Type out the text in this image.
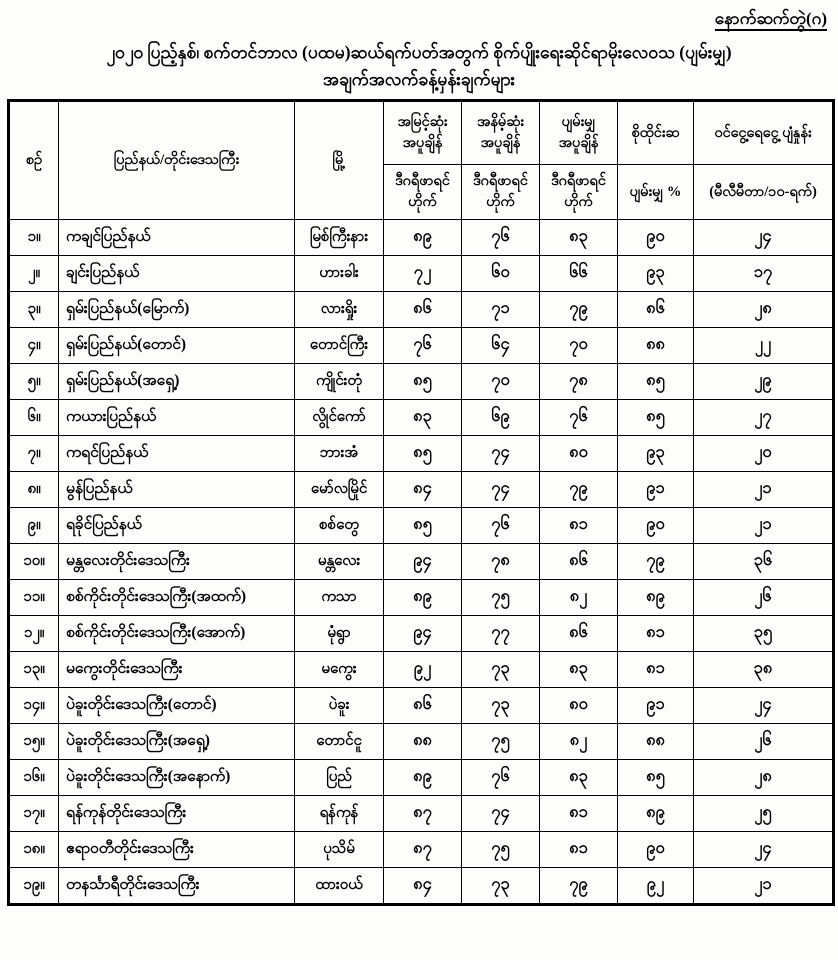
နောက်ဆက်တွဲ(ဂ)
၂၀၂၀ ပြည့်နှစ်၊ စက်တင်ဘာလ (ပထမ)ဆယ်ရက်ပတ်အတွက် စိုက်ပျိုးရေးဆိုင်ရာမိုးလေဝသ (ပျမ်းမျှ)
အချက်အလက်ခန့်မှန်းချက်များ
စဉ်	ပြည်နယ်/တိုင်းဒေသကြီး	မြို့	အမြင့်ဆုံး အပူချိန်	အနိမ့်ဆုံး အပူချိန်	ပျမ်းမျှ အပူချိန်	စိုထိုင်းဆ	ဝင်ငွေ့ရေငွေ့ ပျံနှုန်း
			ဒီဂရီဖာရင် ဟိုက်	ဒီဂရီဖာရင် ဟိုက်	ဒီဂရီဖာရင် ဟိုက်	ပျမ်းမျှ %	(မီလီမီတာ/၁၀-ရက်)
၁။	ကချင်ပြည်နယ်	မြစ်ကြီးနား	၈၉	၇၆	၈၃	၉၀	၂၄
၂။	ချင်းပြည်နယ်	ဟားခါး	၇၂	၆၀	၆၆	၉၃	၁၇
၃။	ရှမ်းပြည်နယ်(မြောက်)	လားရှိုး	၈၆	၇၁	၇၉	၈၆	၂၈
၄။	ရှမ်းပြည်နယ်(တောင်)	တောင်ကြီး	၇၆	၆၄	၇၀	၈၈	၂၂
၅။	ရှမ်းပြည်နယ်(အရှေ့)	ကျိုင်းတုံ	၈၅	၇၀	၇၈	၈၅	၂၉
၆။	ကယားပြည်နယ်	လွိုင်ကော်	၈၃	၆၉	၇၆	၈၅	၂၇
၇။	ကရင်ပြည်နယ်	ဘားအံ	၈၅	၇၄	၈၀	၉၃	၂၀
၈။	မွန်ပြည်နယ်	မော်လမြိုင်	၈၄	၇၄	၇၉	၉၁	၂၁
၉။	ရခိုင်ပြည်နယ်	စစ်တွေ	၈၅	၇၆	၈၁	၉၀	၂၁
၁၀။	မန္တလေးတိုင်းဒေသကြီး	မန္တလေး	၉၄	၇၈	၈၆	၇၉	၃၆
၁၁။	စစ်ကိုင်းတိုင်းဒေသကြီး(အထက်)	ကသာ	၈၉	၇၅	၈၂	၈၉	၂၆
၁၂။	စစ်ကိုင်းတိုင်းဒေသကြီး(အောက်)	မုံရွာ	၉၄	၇၇	၈၆	၈၁	၃၅
၁၃။	မကွေးတိုင်းဒေသကြီး	မကွေး	၉၂	၇၃	၈၃	၈၁	၃၈
၁၄။	ပဲခူးတိုင်းဒေသကြီး(တောင်)	ပဲခူး	၈၆	၇၃	၈၀	၉၁	၂၄
၁၅။	ပဲခူးတိုင်းဒေသကြီး(အရှေ့)	တောင်ငူ	၈၈	၇၅	၈၂	၈၈	၂၆
၁၆။	ပဲခူးတိုင်းဒေသကြီး(အနောက်)	ပြည်	၈၉	၇၆	၈၃	၈၅	၂၈
၁၇။	ရန်ကုန်တိုင်းဒေသကြီး	ရန်ကုန်	၈၇	၇၄	၈၁	၈၉	၂၅
၁၈။	ဧရာဝတီတိုင်းဒေသကြီး	ပုသိမ်	၈၇	၇၅	၈၁	၉၀	၂၄
၁၉။	တနင်္သာရီတိုင်းဒေသကြီး	ထားဝယ်	၈၄	၇၃	၇၉	၉၂	၂၁
